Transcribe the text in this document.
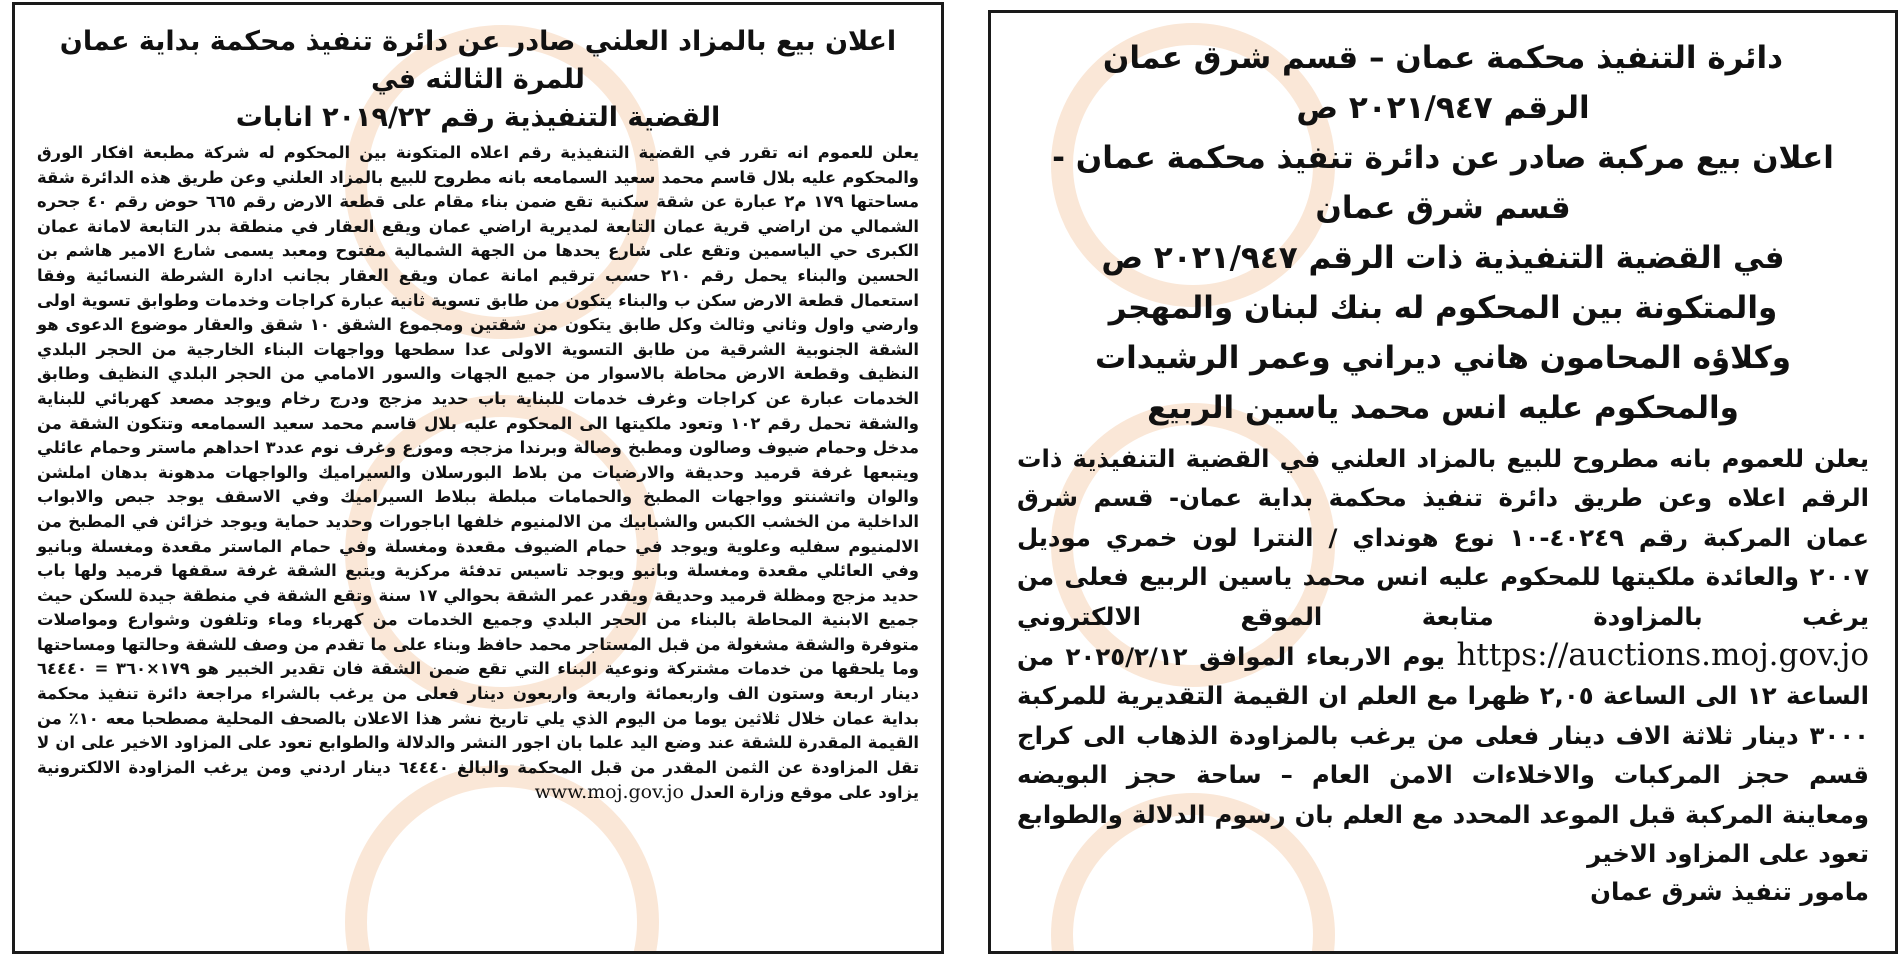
اعلان بيع بالمزاد العلني صادر عن دائرة تنفيذ محكمة بداية عمان للمرة الثالثه في
القضية التنفيذية رقم ٢٠١٩/٢٢ انابات

يعلن للعموم انه تقرر في القضية التنفيذية رقم اعلاه المتكونة بين المحكوم له شركة مطبعة افكار الورق والمحكوم عليه بلال قاسم محمد سعيد السمامعه بانه مطروح للبيع بالمزاد العلني وعن طريق هذه الدائرة شقة مساحتها ١٧٩ م٢ عبارة عن شقة سكنية تقع ضمن بناء مقام على قطعة الارض رقم ٦٦٥ حوض رقم ٤٠ جحره الشمالي من اراضي قرية عمان التابعة لمديرية اراضي عمان ويقع العقار في منطقة بدر التابعة لامانة عمان الكبرى حي الياسمين وتقع على شارع يحدها من الجهة الشمالية مفتوح ومعبد يسمى شارع الامير هاشم بن الحسين والبناء يحمل رقم ٢١٠ حسب ترقيم امانة عمان ويقع العقار بجانب ادارة الشرطة النسائية وفقا استعمال قطعة الارض سكن ب والبناء يتكون من طابق تسوية ثانية عبارة كراجات وخدمات وطوابق تسوية اولى وارضي واول وثاني وثالث وكل طابق يتكون من شقتين ومجموع الشقق ١٠ شقق والعقار موضوع الدعوى هو الشقة الجنوبية الشرقية من طابق التسوية الاولى عدا سطحها وواجهات البناء الخارجية من الحجر البلدي النظيف وقطعة الارض محاطة بالاسوار من جميع الجهات والسور الامامي من الحجر البلدي النظيف وطابق الخدمات عبارة عن كراجات وغرف خدمات للبناية باب حديد مزجج ودرج رخام ويوجد مصعد كهربائي للبناية والشقة تحمل رقم ١٠٢ وتعود ملكيتها الى المحكوم عليه بلال قاسم محمد سعيد السمامعه وتتكون الشقة من مدخل وحمام ضيوف وصالون ومطبخ وصالة وبرندا مزججه وموزع وغرف نوم عدد٣ احداهم ماستر وحمام عائلي ويتبعها غرفة قرميد وحديقة والارضيات من بلاط البورسلان والسيراميك والواجهات مدهونة بدهان املشن والوان واتشنتو وواجهات المطبخ والحمامات مبلطة ببلاط السيراميك وفي الاسقف يوجد جبص والابواب الداخلية من الخشب الكبس والشبابيك من الالمنيوم خلفها اباجورات وحديد حماية ويوجد خزائن في المطبخ من الالمنيوم سفليه وعلوية ويوجد في حمام الضيوف مقعدة ومغسلة وفي حمام الماستر مقعدة ومغسلة وبانيو وفي العائلي مقعدة ومغسلة وبانيو ويوجد تاسيس تدفئة مركزية ويتبع الشقة غرفة سقفها قرميد ولها باب حديد مزجج ومظلة قرميد وحديقة ويقدر عمر الشقة بحوالي ١٧ سنة وتقع الشقة في منطقة جيدة للسكن حيث جميع الابنية المحاطة بالبناء من الحجر البلدي وجميع الخدمات من كهرباء وماء وتلفون وشوارع ومواصلات متوفرة والشقة مشغولة من قبل المستاجر محمد حافظ وبناء على ما تقدم من وصف للشقة وحالتها ومساحتها وما يلحقها من خدمات مشتركة ونوعية البناء التي تقع ضمن الشقة فان تقدير الخبير هو ١٧٩×٣٦٠ = ٦٤٤٤٠ دينار اربعة وستون الف واربعمائة واربعة واربعون دينار فعلى من يرغب بالشراء مراجعة دائرة تنفيذ محكمة بداية عمان خلال ثلاثين يوما من اليوم الذي يلي تاريخ نشر هذا الاعلان بالصحف المحلية مصطحبا معه ١٠٪ من القيمة المقدرة للشقة عند وضع اليد علما بان اجور النشر والدلالة والطوابع تعود على المزاود الاخير على ان لا تقل المزاودة عن الثمن المقدر من قبل المحكمة والبالغ ٦٤٤٤٠ دينار اردني ومن يرغب المزاودة الالكترونية يزاود على موقع وزارة العدل www.moj.gov.jo

دائرة التنفيذ محكمة عمان – قسم شرق عمان

الرقم ٢٠٢١/٩٤٧ ص

اعلان بيع مركبة صادر عن دائرة تنفيذ محكمة عمان - قسم شرق عمان

في القضية التنفيذية ذات الرقم ٢٠٢١/٩٤٧ ص

والمتكونة بين المحكوم له بنك لبنان والمهجر

وكلاؤه المحامون هاني ديراني وعمر الرشيدات

والمحكوم عليه انس محمد ياسين الربيع

يعلن للعموم بانه مطروح للبيع بالمزاد العلني في القضية التنفيذية ذات الرقم اعلاه وعن طريق دائرة تنفيذ محكمة بداية عمان- قسم شرق عمان المركبة رقم ٤٠٢٤٩-١٠ نوع هونداي / النترا لون خمري موديل ٢٠٠٧ والعائدة ملكيتها للمحكوم عليه انس محمد ياسين الربيع فعلى من يرغب بالمزاودة متابعة الموقع الالكتروني https://auctions.moj.gov.jo يوم الاربعاء الموافق ٢٠٢٥/٢/١٢ من الساعة ١٢ الى الساعة ٢,٠٥ ظهرا مع العلم ان القيمة التقديرية للمركبة ٣٠٠٠ دينار ثلاثة الاف دينار فعلى من يرغب بالمزاودة الذهاب الى كراج قسم حجز المركبات والاخلاءات الامن العام – ساحة حجز البويضه ومعاينة المركبة قبل الموعد المحدد مع العلم بان رسوم الدلالة والطوابع تعود على المزاود الاخير

مامور تنفيذ شرق عمان
